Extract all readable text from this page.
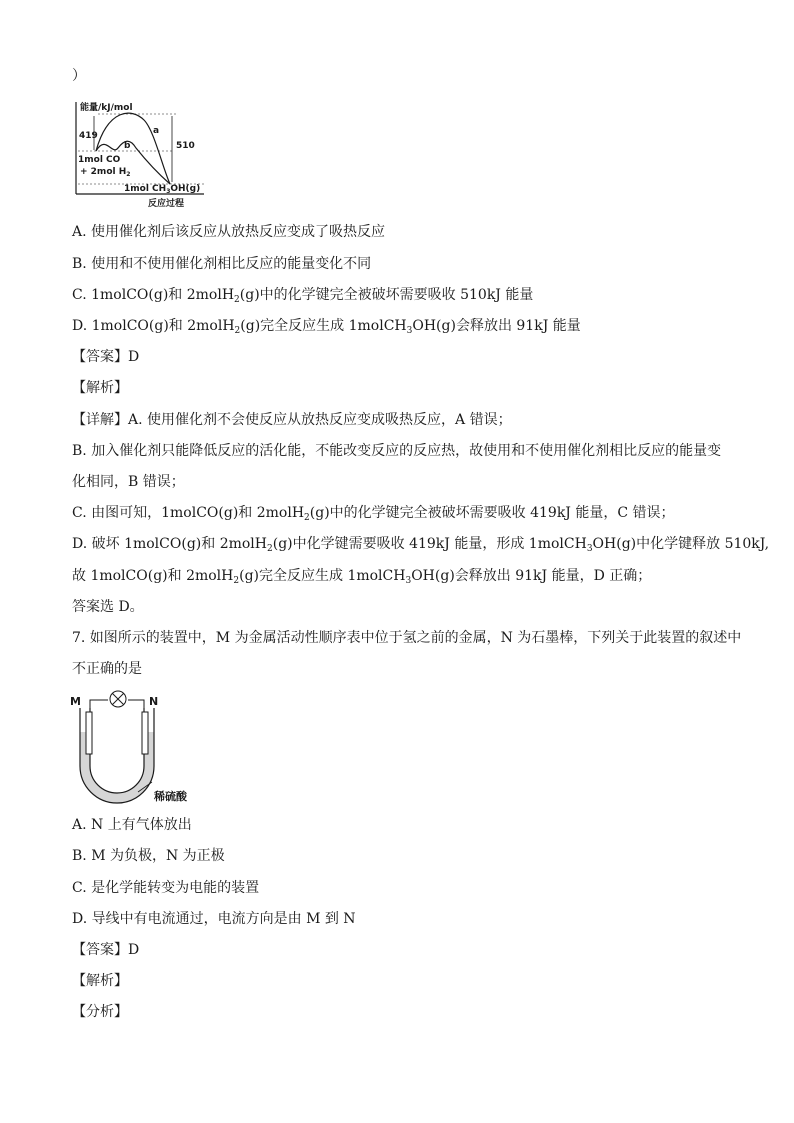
）
能量/kJ/mol
419
510
a
b
1mol CO
+ 2mol $H_2$
1mol $CH_3OH(g)$
反应过程
A. 使用催化剂后该反应从放热反应变成了吸热反应
B. 使用和不使用催化剂相比反应的能量变化不同
C. 1molCO(g)和 2molH$_2$(g)中的化学键完全被破坏需要吸收 510kJ 能量
D. 1molCO(g)和 2molH$_2$(g)完全反应生成 1molCH$_3$OH(g)会释放出 91kJ 能量
【答案】D
【解析】
【详解】A. 使用催化剂不会使反应从放热反应变成吸热反应，A 错误；
B. 加入催化剂只能降低反应的活化能，不能改变反应的反应热，故使用和不使用催化剂相比反应的能量变
化相同，B 错误；
C. 由图可知，1molCO(g)和 2molH$_2$(g)中的化学键完全被破坏需要吸收 419kJ 能量，C 错误；
D. 破坏 1molCO(g)和 2molH$_2$(g)中化学键需要吸收 419kJ 能量，形成 1molCH$_3$OH(g)中化学键释放 510kJ,
故 1molCO(g)和 2molH$_2$(g)完全反应生成 1molCH$_3$OH(g)会释放出 91kJ 能量，D 正确；
答案选 D。
7. 如图所示的装置中，M 为金属活动性顺序表中位于氢之前的金属，N 为石墨棒，下列关于此装置的叙述中
不正确的是
M	N
稀硫酸
A. N 上有气体放出
B. M 为负极，N 为正极
C. 是化学能转变为电能的装置
D. 导线中有电流通过，电流方向是由 M 到 N
【答案】D
【解析】
【分析】
